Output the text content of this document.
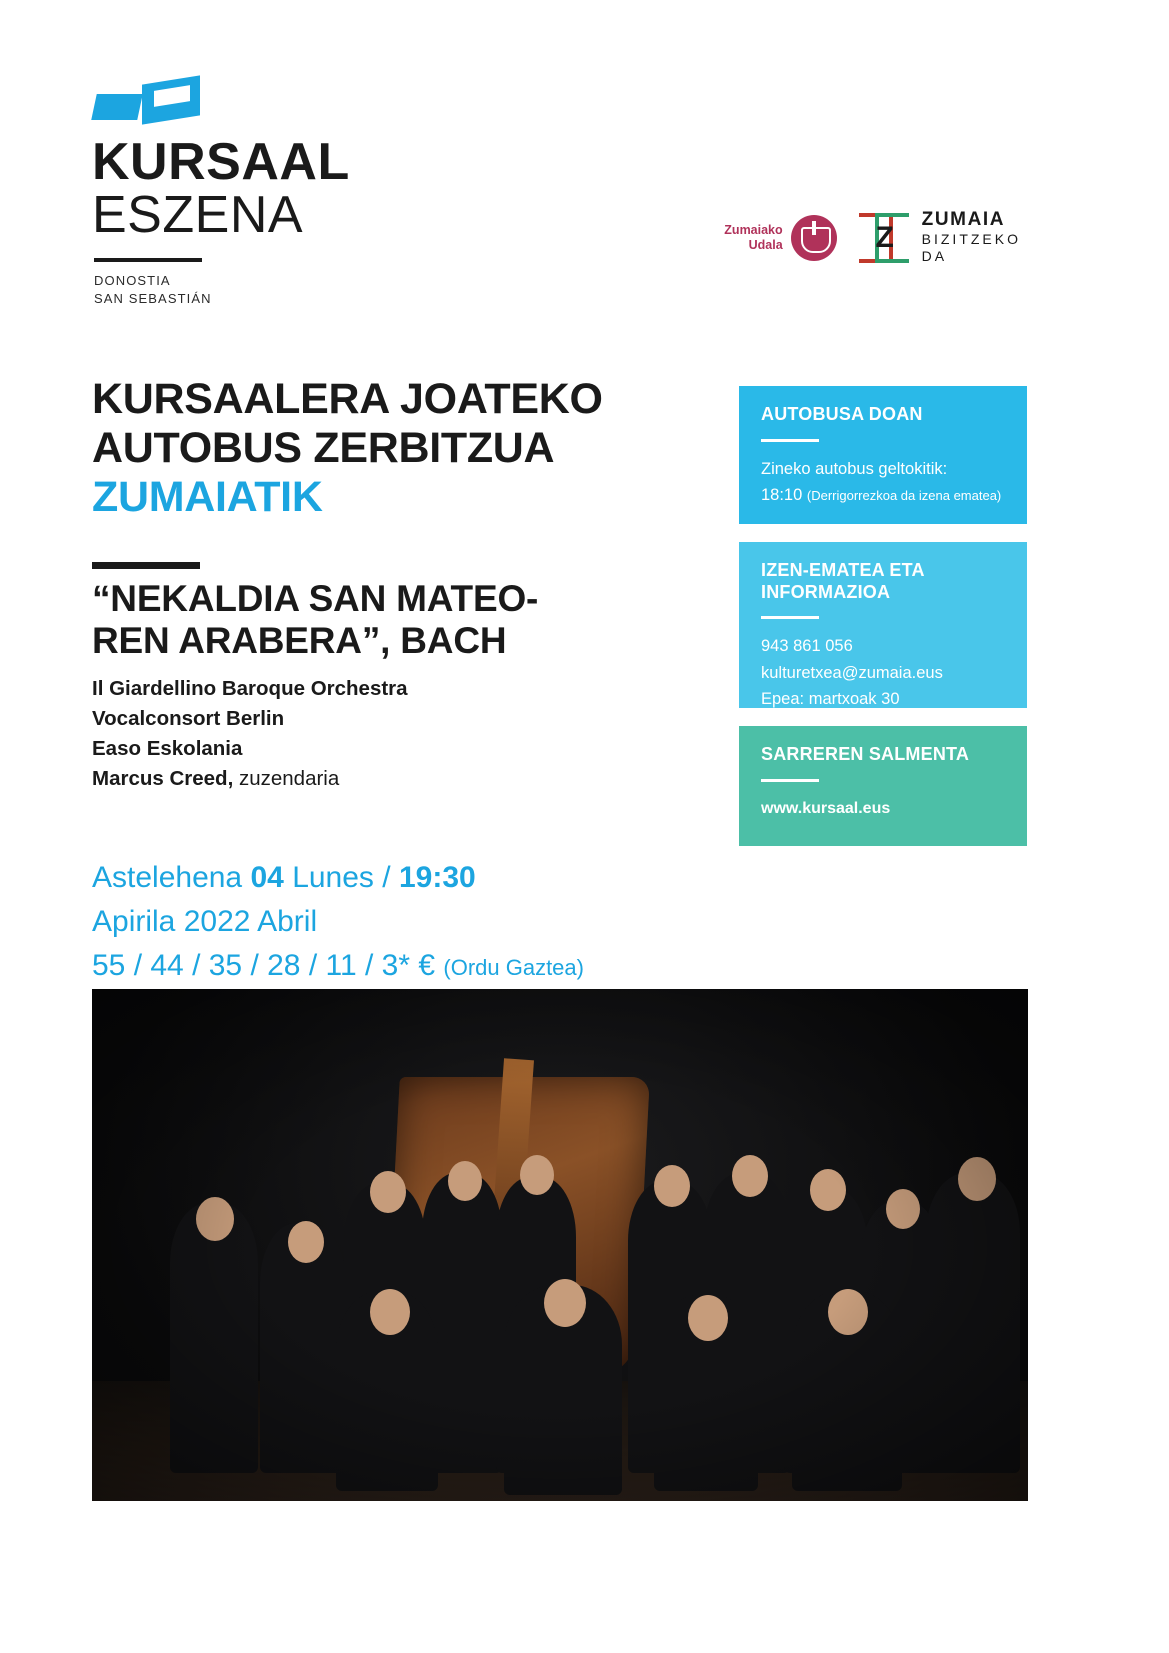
KURSAAL
ESZENA
DONOSTIA
SAN SEBASTIÁN
Zumaiako
Udala	Z
ZUMAIA
BIZITZEKO
DA
KURSAALERA JOATEKO
AUTOBUS ZERBITZUA
ZUMAIATIK
“NEKALDIA SAN MATEO-
REN ARABERA”, BACH
Il Giardellino Baroque Orchestra
Vocalconsort Berlin
Easo Eskolania
Marcus Creed, zuzendaria
Astelehena 04 Lunes / 19:30
Apirila 2022 Abril
55 / 44 / 35 / 28 / 11 / 3* € (Ordu Gaztea)
AUTOBUSA DOAN
Zineko autobus geltokitik:
18:10 (Derrigorrezkoa da izena ematea)
IZEN-EMATEA ETA
INFORMAZIOA
943 861 056
kulturetxea@zumaia.eus
Epea: martxoak 30
SARREREN SALMENTA
www.kursaal.eus
